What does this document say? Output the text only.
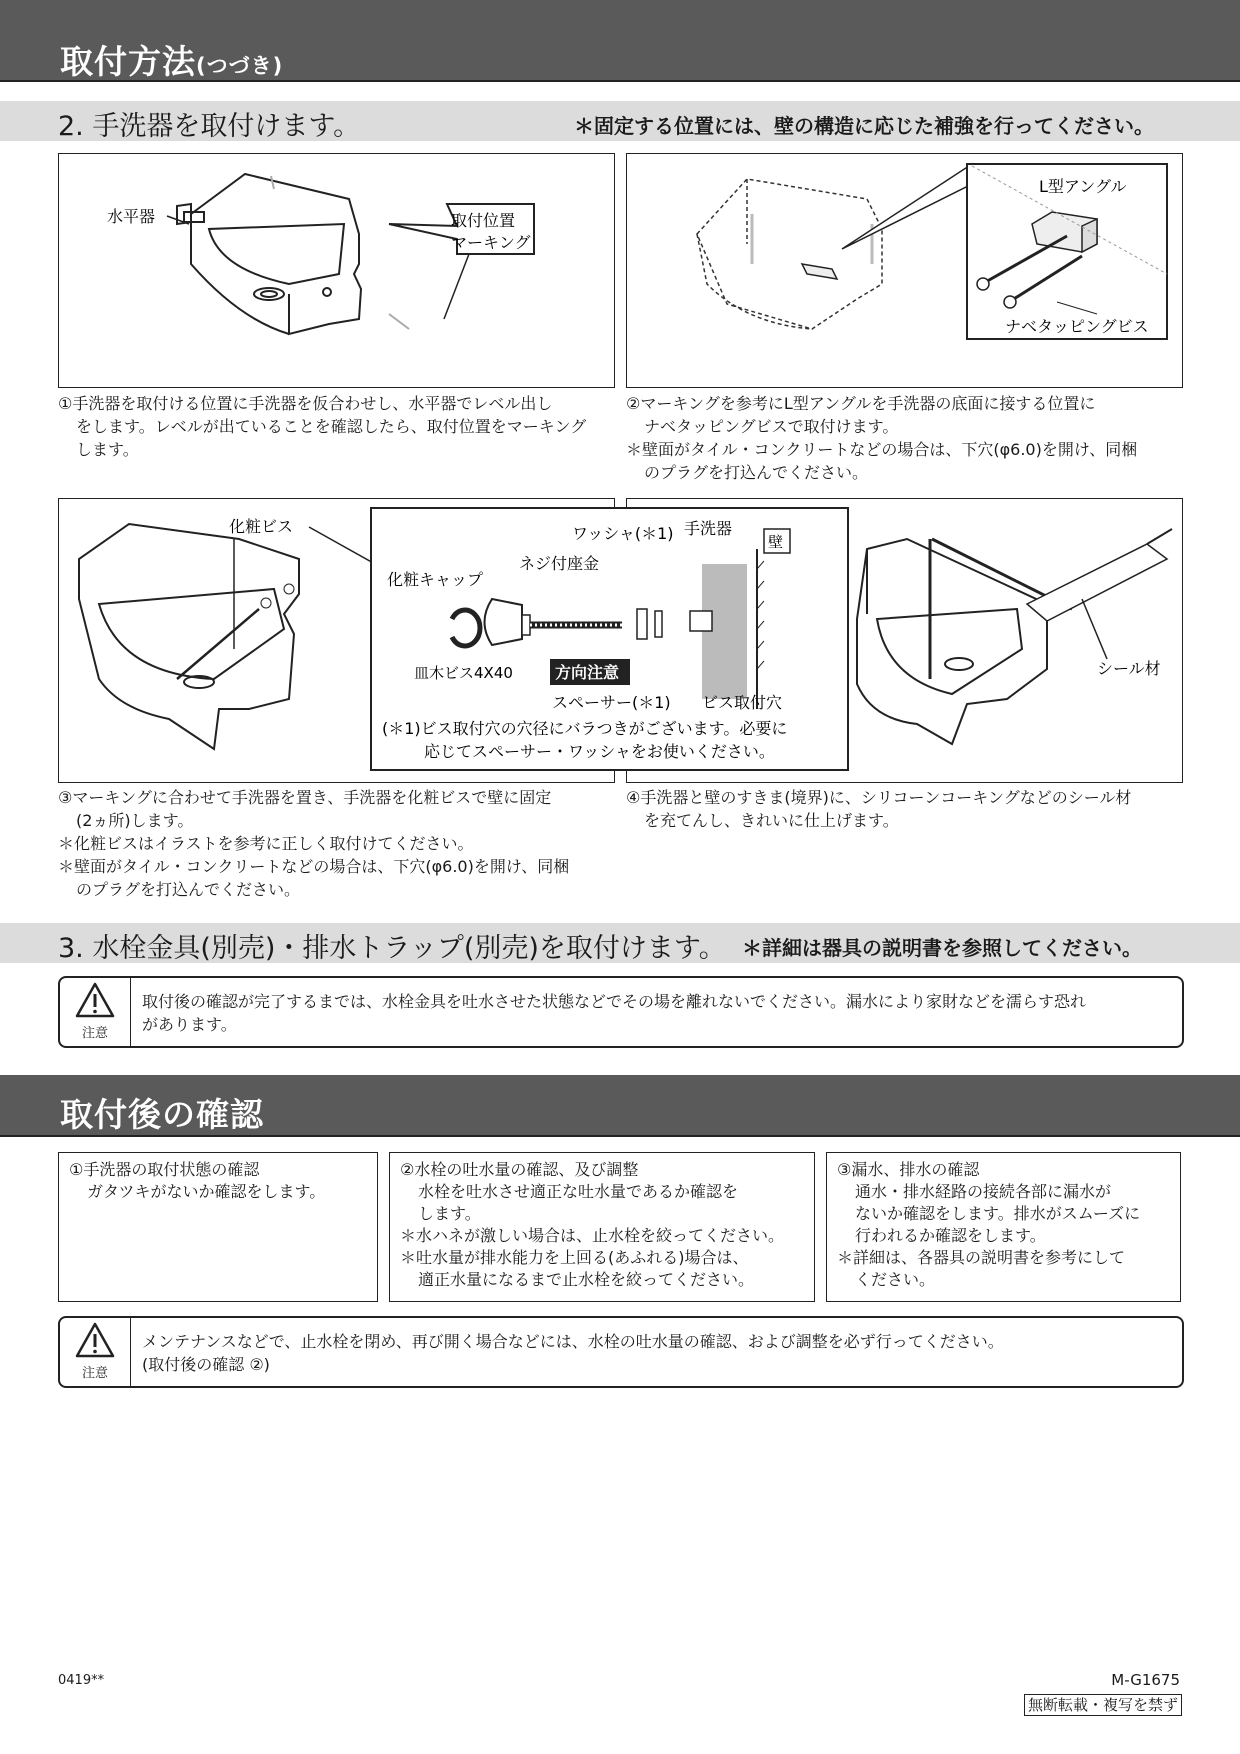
取付方法(つづき)
2. 手洗器を取付けます。	＊固定する位置には、壁の構造に応じた補強を行ってください。
水平器	取付位置
マーキング
L型アングル
ナベタッピングビス

①手洗器を取付ける位置に手洗器を仮合わせし、水平器でレベル出し

をします。レベルが出ていることを確認したら、取付位置をマーキング

します。

②マーキングを参考にL型アングルを手洗器の底面に接する位置に

ナベタッピングビスで取付けます。

＊壁面がタイル・コンクリートなどの場合は、下穴(φ6.0)を開け、同梱

のプラグを打込んでください。

化粧ビス
シール材
ワッシャ(＊1) 手洗器
壁
ネジ付座金
化粧キャップ
皿木ビス4X40	方向注意
スペーサー(＊1) ビス取付穴
(＊1)ビス取付穴の穴径にバラつきがございます。必要に
応じてスペーサー・ワッシャをお使いください。

③マーキングに合わせて手洗器を置き、手洗器を化粧ビスで壁に固定

(2ヵ所)します。

＊化粧ビスはイラストを参考に正しく取付けてください。

＊壁面がタイル・コンクリートなどの場合は、下穴(φ6.0)を開け、同梱

のプラグを打込んでください。

④手洗器と壁のすきま(境界)に、シリコーンコーキングなどのシール材

を充てんし、きれいに仕上げます。

3. 水栓金具(別売)・排水トラップ(別売)を取付けます。 ＊詳細は器具の説明書を参照してください。
注意
取付後の確認が完了するまでは、水栓金具を吐水させた状態などでその場を離れないでください。漏水により家財などを濡らす恐れ
があります。
取付後の確認

①手洗器の取付状態の確認

ガタツキがないか確認をします。

②水栓の吐水量の確認、及び調整

水栓を吐水させ適正な吐水量であるか確認を

します。

＊水ハネが激しい場合は、止水栓を絞ってください。

＊吐水量が排水能力を上回る(あふれる)場合は、

適正水量になるまで止水栓を絞ってください。

③漏水、排水の確認

通水・排水経路の接続各部に漏水が

ないか確認をします。排水がスムーズに

行われるか確認をします。

＊詳細は、各器具の説明書を参考にして

ください。

注意
メンテナンスなどで、止水栓を閉め、再び開く場合などには、水栓の吐水量の確認、および調整を必ず行ってください。
(取付後の確認 ②)
0419**	M-G1675
無断転載・複写を禁ず
